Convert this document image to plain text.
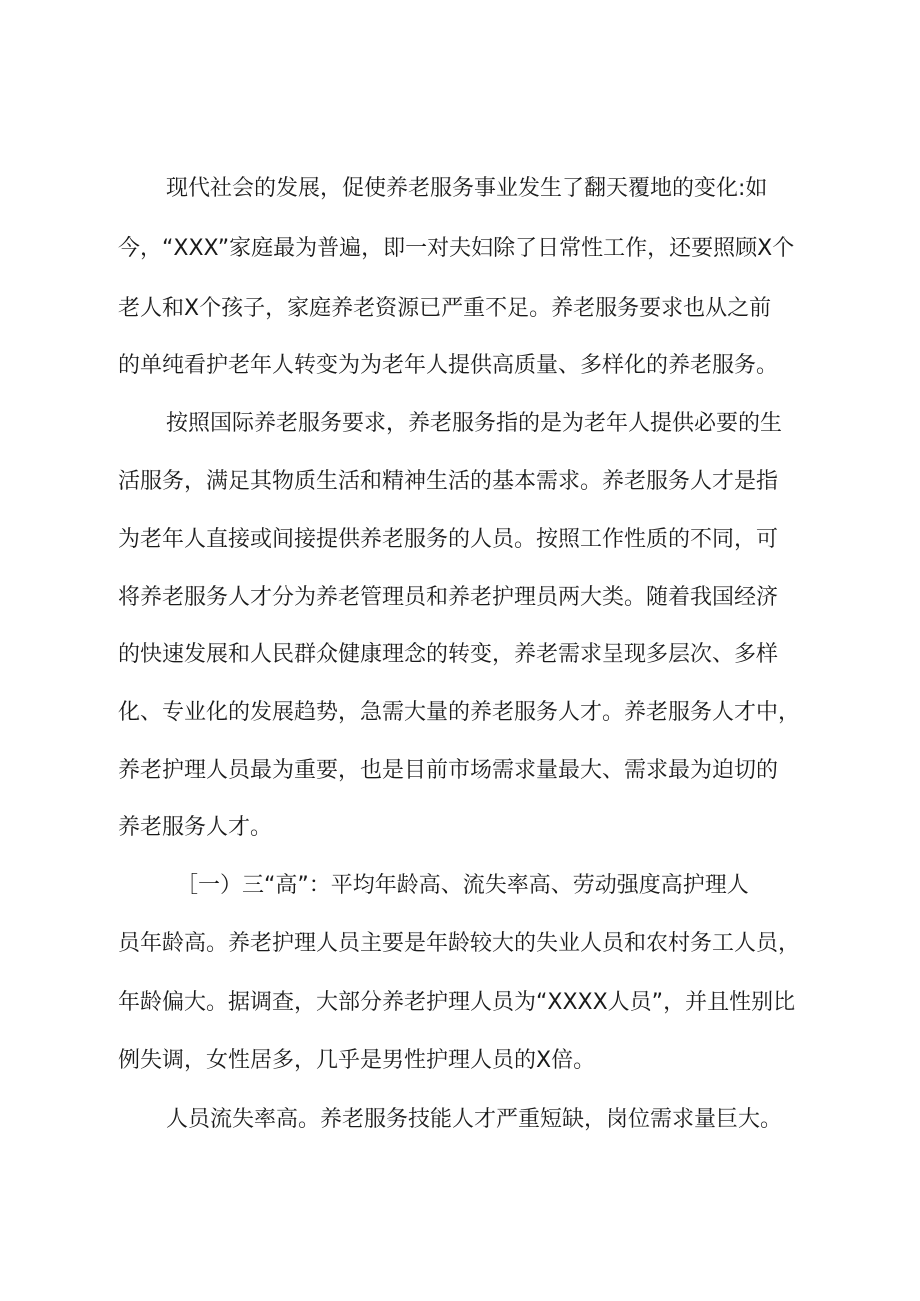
现代社会的发展，促使养老服务事业发生了翻天覆地的变化:如
今，“XXX”家庭最为普遍，即一对夫妇除了日常性工作，还要照顾X个
老人和X个孩子，家庭养老资源已严重不足。养老服务要求也从之前
的单纯看护老年人转变为为老年人提供高质量、多样化的养老服务。
按照国际养老服务要求，养老服务指的是为老年人提供必要的生
活服务，满足其物质生活和精神生活的基本需求。养老服务人才是指
为老年人直接或间接提供养老服务的人员。按照工作性质的不同，可
将养老服务人才分为养老管理员和养老护理员两大类。随着我国经济
的快速发展和人民群众健康理念的转变，养老需求呈现多层次、多样
化、专业化的发展趋势，急需大量的养老服务人才。养老服务人才中，
养老护理人员最为重要，也是目前市场需求量最大、需求最为迫切的
养老服务人才。
［一）三“高”：平均年龄高、流失率高、劳动强度高护理人
员年龄高。养老护理人员主要是年龄较大的失业人员和农村务工人员，
年龄偏大。据调查，大部分养老护理人员为“XXXX人员”，并且性别比
例失调，女性居多，几乎是男性护理人员的X倍。
人员流失率高。养老服务技能人才严重短缺，岗位需求量巨大。
